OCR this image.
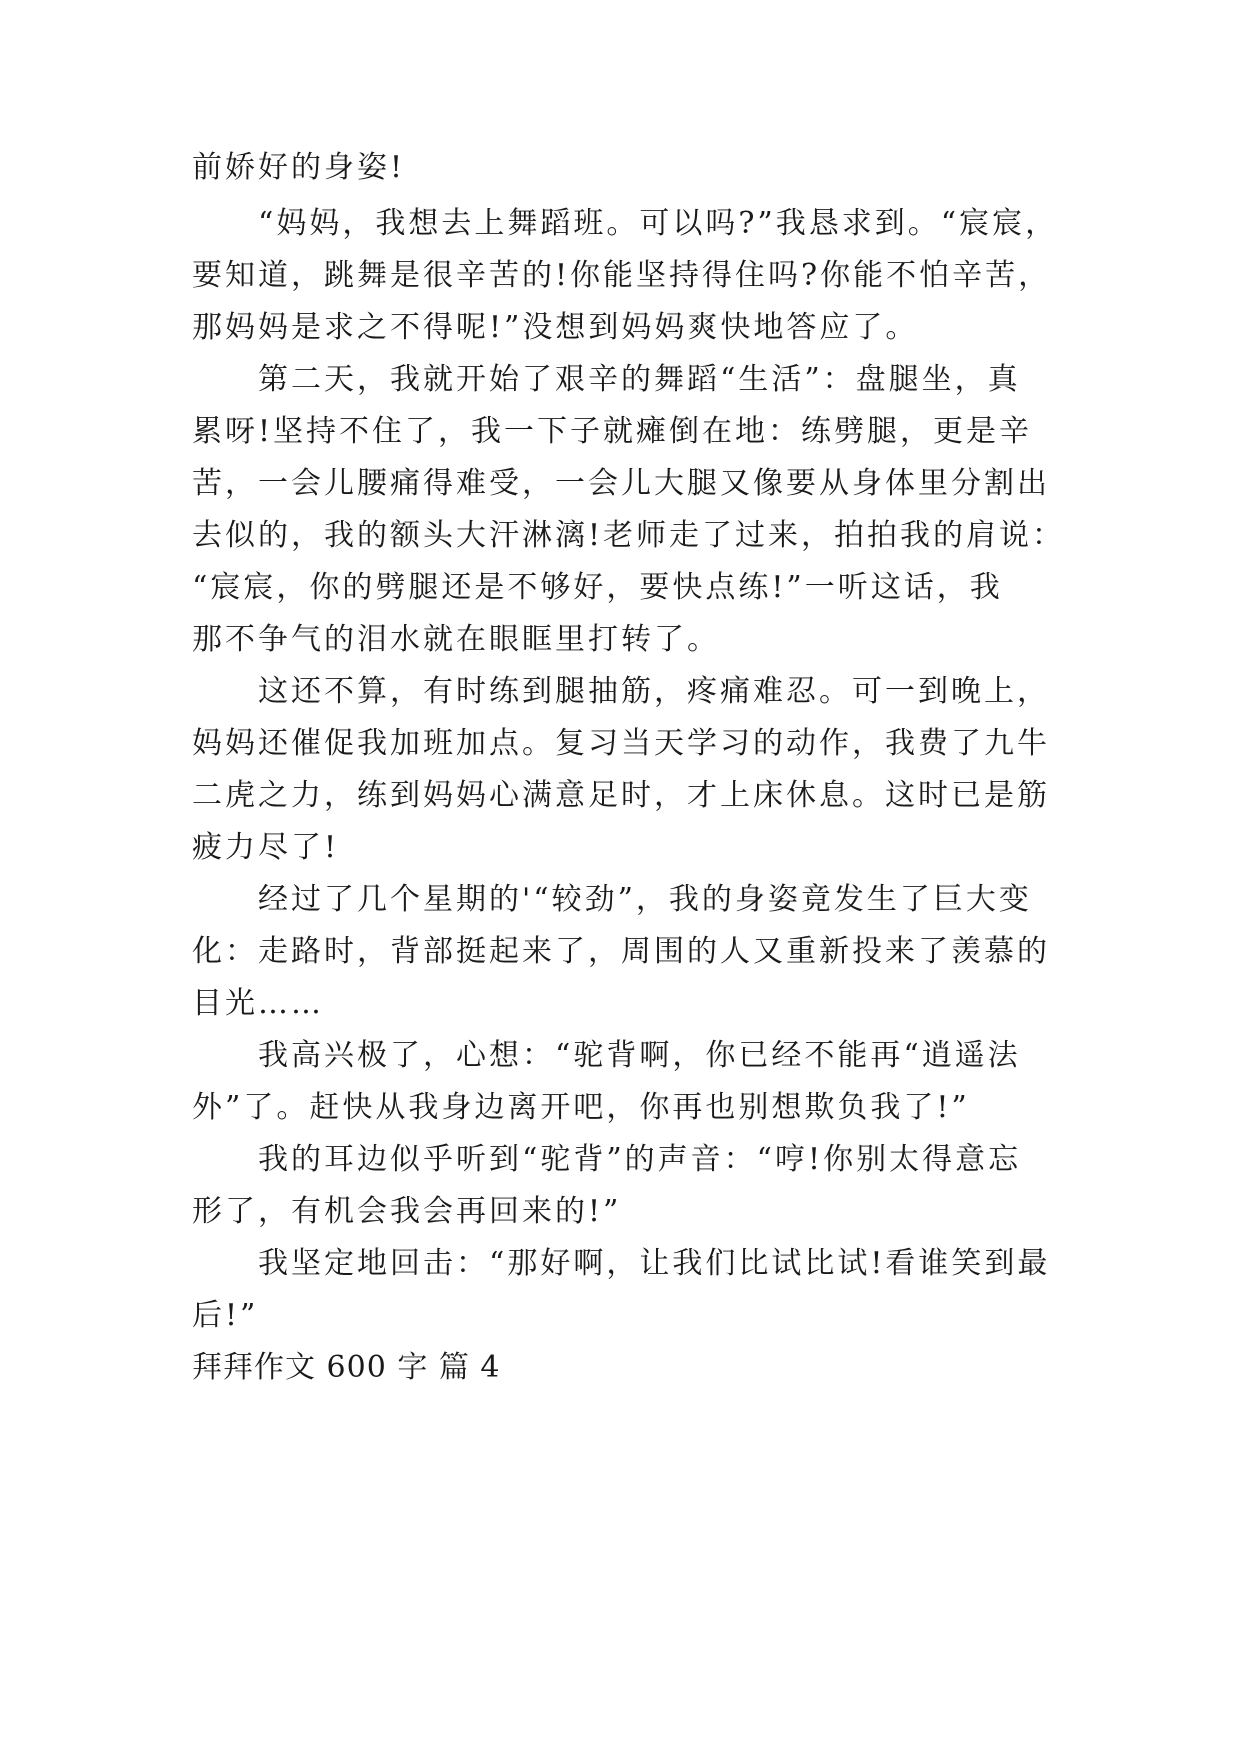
前娇好的身姿!
“妈妈，我想去上舞蹈班。可以吗?”我恳求到。“宸宸，
要知道，跳舞是很辛苦的!你能坚持得住吗?你能不怕辛苦，
那妈妈是求之不得呢!”没想到妈妈爽快地答应了。
第二天，我就开始了艰辛的舞蹈“生活”：盘腿坐，真
累呀!坚持不住了，我一下子就瘫倒在地：练劈腿，更是辛
苦，一会儿腰痛得难受，一会儿大腿又像要从身体里分割出
去似的，我的额头大汗淋漓!老师走了过来，拍拍我的肩说：
“宸宸，你的劈腿还是不够好，要快点练!”一听这话，我
那不争气的泪水就在眼眶里打转了。
这还不算，有时练到腿抽筋，疼痛难忍。可一到晚上，
妈妈还催促我加班加点。复习当天学习的动作，我费了九牛
二虎之力，练到妈妈心满意足时，才上床休息。这时已是筋
疲力尽了!
经过了几个星期的'“较劲”，我的身姿竟发生了巨大变
化：走路时，背部挺起来了，周围的人又重新投来了羡慕的
目光……
我高兴极了，心想：“驼背啊，你已经不能再“逍遥法
外”了。赶快从我身边离开吧，你再也别想欺负我了!”
我的耳边似乎听到“驼背”的声音：“哼!你别太得意忘
形了，有机会我会再回来的!”
我坚定地回击：“那好啊，让我们比试比试!看谁笑到最
后!”
拜拜作文 600 字 篇 4
